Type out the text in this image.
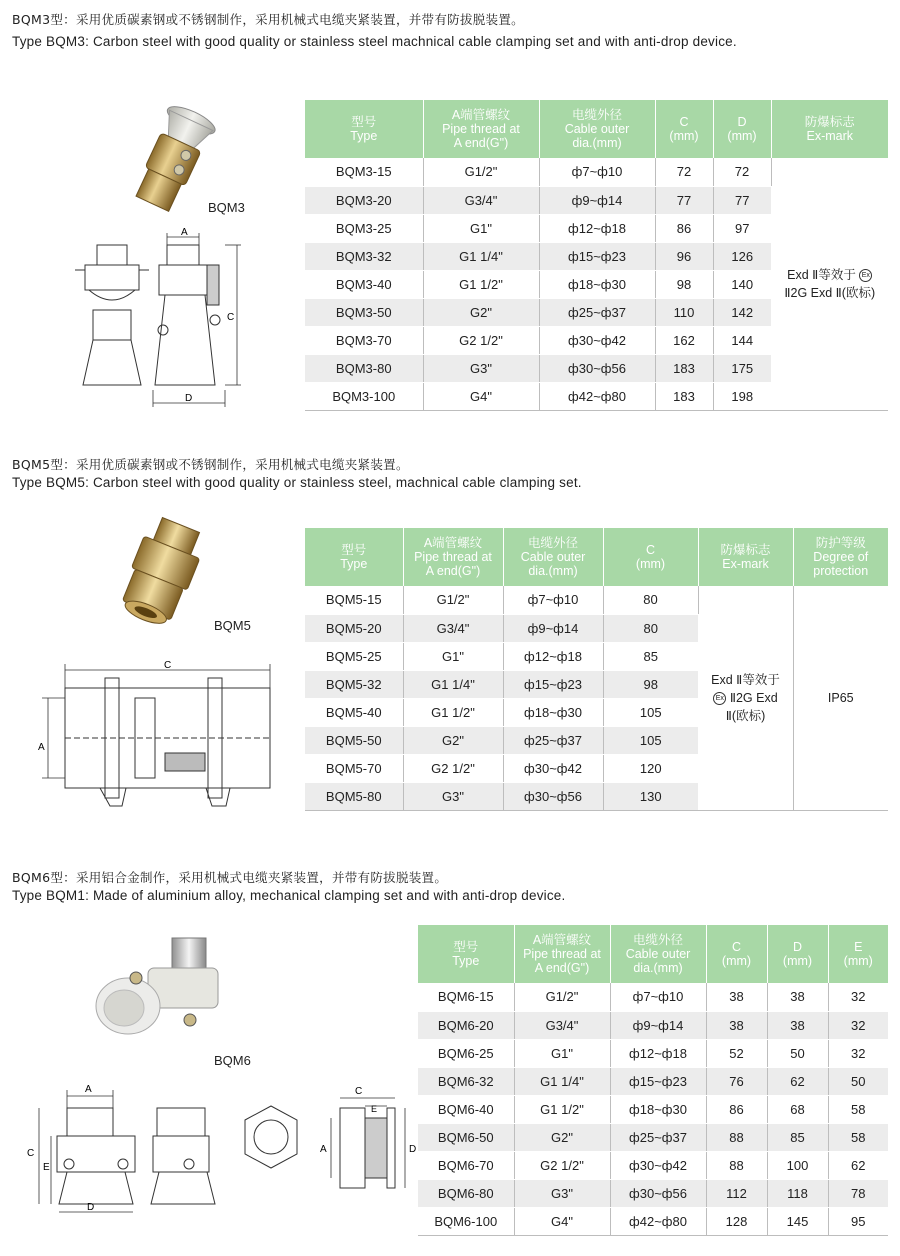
BQM3型：采用优质碳素钢或不锈钢制作，采用机械式电缆夹紧装置，并带有防拔脱装置。
Type BQM3: Carbon steel with good quality or stainless steel machnical cable clamping set and with anti-drop device.
BQM3
A
D
C
型号
Type	A端管螺纹
Pipe thread at
A end(G")	电缆外径
Cable outer
dia.(mm)	C
(mm)	D
(mm)	防爆标志
Ex-mark

BQM3-15	G1/2"	ф7~ф10	72	72	Exd Ⅱ等效于 Ex
Ⅱ2G Exd Ⅱ(欧标)
BQM3-20	G3/4"	ф9~ф14	77	77	
BQM3-25	G1"	ф12~ф18	86	97	
BQM3-32	G1 1/4"	ф15~ф23	96	126	
BQM3-40	G1 1/2"	ф18~ф30	98	140	
BQM3-50	G2"	ф25~ф37	110	142	
BQM3-70	G2 1/2"	ф30~ф42	162	144	
BQM3-80	G3"	ф30~ф56	183	175	
BQM3-100	G4"	ф42~ф80	183	198	
BQM5型：采用优质碳素钢或不锈钢制作，采用机械式电缆夹紧装置。
Type BQM5: Carbon steel with good quality or stainless steel, machnical cable clamping set.
BQM5
C
A
型号
Type	A端管螺纹
Pipe thread at
A end(G")	电缆外径
Cable outer
dia.(mm)	C
(mm)	防爆标志
Ex-mark	防护等级
Degree of
protection

BQM5-15	G1/2"	ф7~ф10	80	Exd Ⅱ等效于
Ex Ⅱ2G Exd
Ⅱ(欧标)	IP65
BQM5-20	G3/4"	ф9~ф14	80		
BQM5-25	G1"	ф12~ф18	85		
BQM5-32	G1 1/4"	ф15~ф23	98		
BQM5-40	G1 1/2"	ф18~ф30	105		
BQM5-50	G2"	ф25~ф37	105		
BQM5-70	G2 1/2"	ф30~ф42	120		
BQM5-80	G3"	ф30~ф56	130		
BQM6型：采用铝合金制作，采用机械式电缆夹紧装置，并带有防拔脱装置。
Type BQM1: Made of aluminium alloy, mechanical clamping set and with anti-drop device.
BQM6
A
D
C
E
C
E
A	D
型号
Type	A端管螺纹
Pipe thread at
A end(G")	电缆外径
Cable outer
dia.(mm)	C
(mm)	D
(mm)	E
(mm)

BQM6-15	G1/2"	ф7~ф10	38	38	32
BQM6-20	G3/4"	ф9~ф14	38	38	32
BQM6-25	G1"	ф12~ф18	52	50	32
BQM6-32	G1 1/4"	ф15~ф23	76	62	50
BQM6-40	G1 1/2"	ф18~ф30	86	68	58
BQM6-50	G2"	ф25~ф37	88	85	58
BQM6-70	G2 1/2"	ф30~ф42	88	100	62
BQM6-80	G3"	ф30~ф56	112	118	78
BQM6-100	G4"	ф42~ф80	128	145	95
